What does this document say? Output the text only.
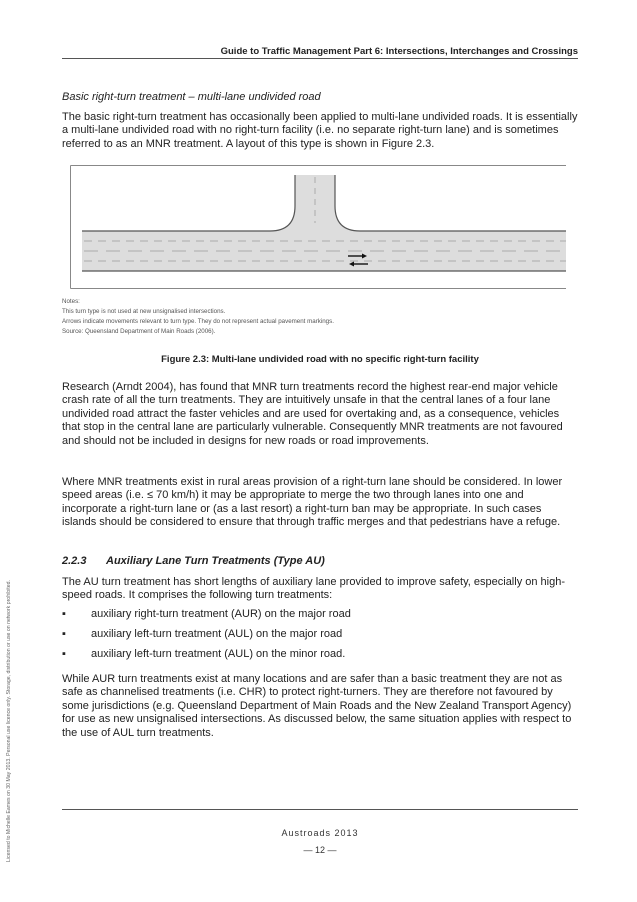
Guide to Traffic Management Part 6: Intersections, Interchanges and Crossings
Licensed to Michelle Eames on 30 May 2013. Personal use licence only. Storage, distribution or use on network prohibited.
Basic right-turn treatment – multi-lane undivided road

The basic right-turn treatment has occasionally been applied to multi-lane undivided roads. It is essentially a multi-lane undivided road with no right-turn facility (i.e. no separate right-turn lane) and is sometimes referred to as an MNR treatment. A layout of this type is shown in Figure 2.3.

Notes:
This turn type is not used at new unsignalised intersections.
Arrows indicate movements relevant to turn type. They do not represent actual pavement markings.
Source: Queensland Department of Main Roads (2006).
Figure 2.3: Multi-lane undivided road with no specific right-turn facility

Research (Arndt 2004), has found that MNR turn treatments record the highest rear-end major vehicle crash rate of all the turn treatments. They are intuitively unsafe in that the central lanes of a four lane undivided road attract the faster vehicles and are used for overtaking and, as a consequence, vehicles that stop in the central lane are particularly vulnerable. Consequently MNR treatments are not favoured and should not be included in designs for new roads or road improvements.

Where MNR treatments exist in rural areas provision of a right-turn lane should be considered. In lower speed areas (i.e. ≤ 70 km/h) it may be appropriate to merge the two through lanes into one and incorporate a right-turn lane or (as a last resort) a right-turn ban may be appropriate. In such cases islands should be considered to ensure that through traffic merges and that pedestrians have a refuge.

2.2.3 Auxiliary Lane Turn Treatments (Type AU)

The AU turn treatment has short lengths of auxiliary lane provided to improve safety, especially on high-speed roads. It comprises the following turn treatments:

▪ auxiliary right-turn treatment (AUR) on the major road
▪ auxiliary left-turn treatment (AUL) on the major road
▪ auxiliary left-turn treatment (AUL) on the minor road.

While AUR turn treatments exist at many locations and are safer than a basic treatment they are not as safe as channelised treatments (i.e. CHR) to protect right-turners. They are therefore not favoured by some jurisdictions (e.g. Queensland Department of Main Roads and the New Zealand Transport Agency) for use as new unsignalised intersections. As discussed below, the same situation applies with respect to the use of AUL turn treatments.

Austroads 2013
— 12 —
